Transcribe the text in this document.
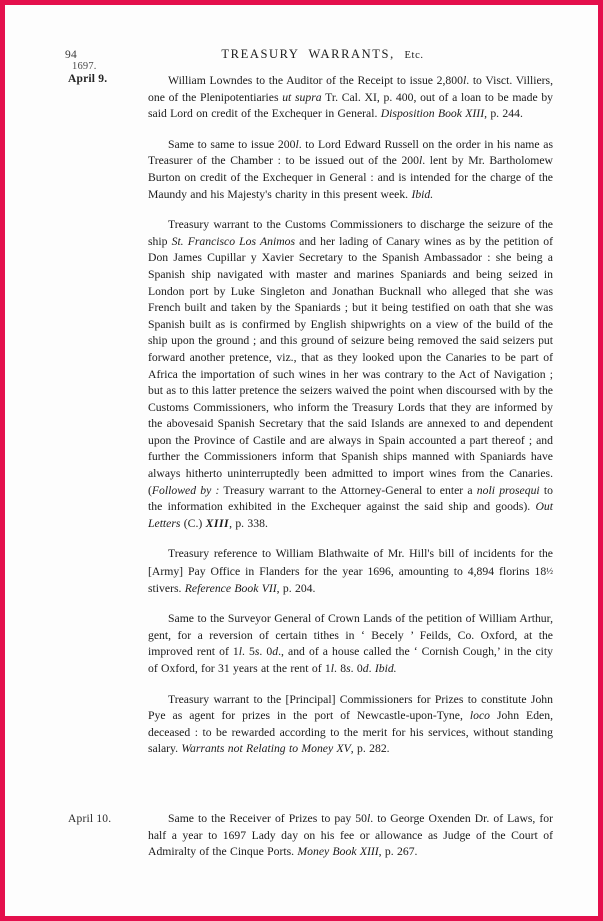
94	TREASURY WARRANTS, Etc.
1697.
April 9.	William Lowndes to the Auditor of the Receipt to issue 2,800l. to Visct. Villiers, one of the Plenipotentiaries ut supra Tr. Cal. XI, p. 400, out of a loan to be made by said Lord on credit of the Exchequer in General. Disposition Book XIII, p. 244.

Same to same to issue 200l. to Lord Edward Russell on the order in his name as Treasurer of the Chamber : to be issued out of the 200l. lent by Mr. Bartholomew Burton on credit of the Exchequer in General : and is intended for the charge of the Maundy and his Majesty's charity in this present week. Ibid.

Treasury warrant to the Customs Commissioners to discharge the seizure of the ship St. Francisco Los Animos and her lading of Canary wines as by the petition of Don James Cupillar y Xavier Secretary to the Spanish Ambassador : she being a Spanish ship navigated with master and marines Spaniards and being seized in London port by Luke Singleton and Jonathan Bucknall who alleged that she was French built and taken by the Spaniards ; but it being testified on oath that she was Spanish built as is confirmed by English shipwrights on a view of the build of the ship upon the ground ; and this ground of seizure being removed the said seizers put forward another pretence, viz., that as they looked upon the Canaries to be part of Africa the importation of such wines in her was contrary to the Act of Navigation ; but as to this latter pretence the seizers waived the point when discoursed with by the Customs Commissioners, who inform the Treasury Lords that they are informed by the abovesaid Spanish Secretary that the said Islands are annexed to and dependent upon the Province of Castile and are always in Spain accounted a part thereof ; and further the Commissioners inform that Spanish ships manned with Spaniards have always hitherto uninterruptedly been admitted to import wines from the Canaries. (Followed by : Treasury warrant to the Attorney-General to enter a noli prosequi to the information exhibited in the Exchequer against the said ship and goods). Out Letters (C.) XIII, p. 338.

Treasury reference to William Blathwaite of Mr. Hill's bill of incidents for the [Army] Pay Office in Flanders for the year 1696, amounting to 4,894 florins 18½ stivers. Reference Book VII, p. 204.

Same to the Surveyor General of Crown Lands of the petition of William Arthur, gent, for a reversion of certain tithes in ‘ Becely ’ Feilds, Co. Oxford, at the improved rent of 1l. 5s. 0d., and of a house called the ‘ Cornish Cough,’ in the city of Oxford, for 31 years at the rent of 1l. 8s. 0d. Ibid.

Treasury warrant to the [Principal] Commissioners for Prizes to constitute John Pye as agent for prizes in the port of Newcastle-upon-Tyne, loco John Eden, deceased : to be rewarded according to the merit for his services, without standing salary. Warrants not Relating to Money XV, p. 282.

April 10.	Same to the Receiver of Prizes to pay 50l. to George Oxenden Dr. of Laws, for half a year to 1697 Lady day on his fee or allowance as Judge of the Court of Admiralty of the Cinque Ports. Money Book XIII, p. 267.
